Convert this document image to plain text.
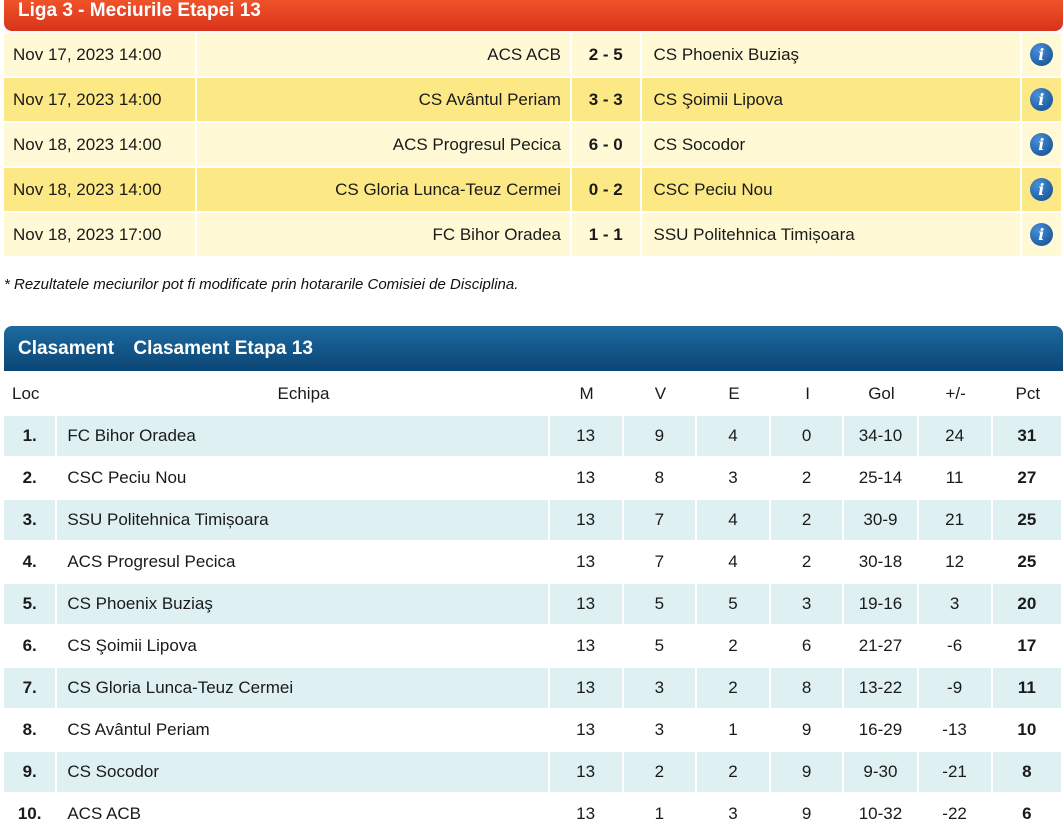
Liga 3 - Meciurile Etapei 13
Nov 17, 2023 14:00	ACS ACB	2 - 5	CS Phoenix Buziaş	i
Nov 17, 2023 14:00	CS Avântul Periam	3 - 3	CS Şoimii Lipova	i
Nov 18, 2023 14:00	ACS Progresul Pecica	6 - 0	CS Socodor	i
Nov 18, 2023 14:00	CS Gloria Lunca-Teuz Cermei	0 - 2	CSC Peciu Nou	i
Nov 18, 2023 17:00	FC Bihor Oradea	1 - 1	SSU Politehnica Timișoara	i
* Rezultatele meciurilor pot fi modificate prin hotararile Comisiei de Disciplina.
Clasament Clasament Etapa 13
Loc	Echipa	M	V	E	I	Gol	+/-	Pct
1.	FC Bihor Oradea	13	9	4	0	34-10	24	31
2.	CSC Peciu Nou	13	8	3	2	25-14	11	27
3.	SSU Politehnica Timișoara	13	7	4	2	30-9	21	25
4.	ACS Progresul Pecica	13	7	4	2	30-18	12	25
5.	CS Phoenix Buziaş	13	5	5	3	19-16	3	20
6.	CS Şoimii Lipova	13	5	2	6	21-27	-6	17
7.	CS Gloria Lunca-Teuz Cermei	13	3	2	8	13-22	-9	11
8.	CS Avântul Periam	13	3	1	9	16-29	-13	10
9.	CS Socodor	13	2	2	9	9-30	-21	8
10.	ACS ACB	13	1	3	9	10-32	-22	6
